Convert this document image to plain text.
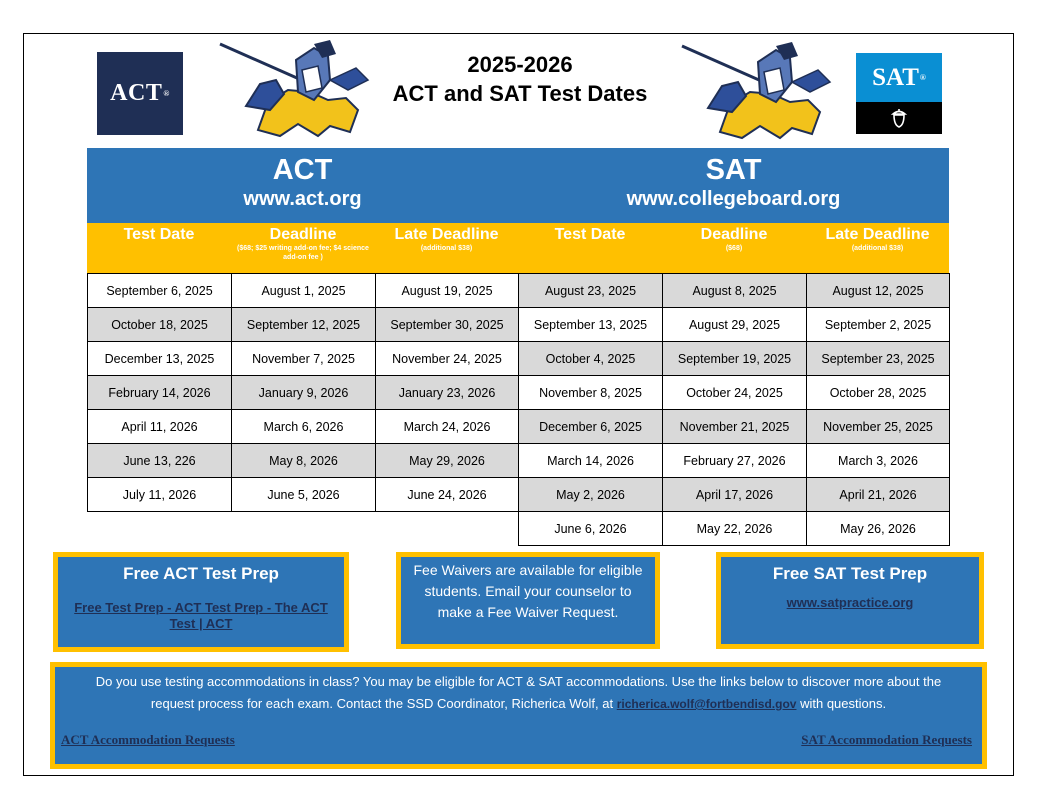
ACT ®
2025-2026
ACT and SAT Test Dates
SAT ®
ACT
www.act.org
Test Date	Deadline
($68; $25 writing add-on fee; $4 science add-on fee )
Late Deadline
(additional $38)
SAT
www.collegeboard.org
Test Date	Deadline
($68)
Late Deadline
(additional $38)
September 6, 2025	August 1, 2025	August 19, 2025
October 18, 2025	September 12, 2025	September 30, 2025
December 13, 2025	November 7, 2025	November 24, 2025
February 14, 2026	January 9, 2026	January 23, 2026
April 11, 2026	March 6, 2026	March 24, 2026
June 13, 226	May 8, 2026	May 29, 2026
July 11, 2026	June 5, 2026	June 24, 2026
August 23, 2025	August 8, 2025	August 12, 2025
September 13, 2025	August 29, 2025	September 2, 2025
October 4, 2025	September 19, 2025	September 23, 2025
November 8, 2025	October 24, 2025	October 28, 2025
December 6, 2025	November 21, 2025	November 25, 2025
March 14, 2026	February 27, 2026	March 3, 2026
May 2, 2026	April 17, 2026	April 21, 2026
June 6, 2026	May 22, 2026	May 26, 2026
Free ACT Test Prep
Free Test Prep - ACT Test Prep - The ACT Test | ACT
Fee Waivers are available for eligible students. Email your counselor to make a Fee Waiver Request.
Free SAT Test Prep
www.satpractice.org
Do you use testing accommodations in class? You may be eligible for ACT & SAT accommodations. Use the links below to discover more about the request process for each exam. Contact the SSD Coordinator, Richerica Wolf, at richerica.wolf@fortbendisd.gov with questions.
ACT Accommodation Requests	SAT Accommodation Requests
